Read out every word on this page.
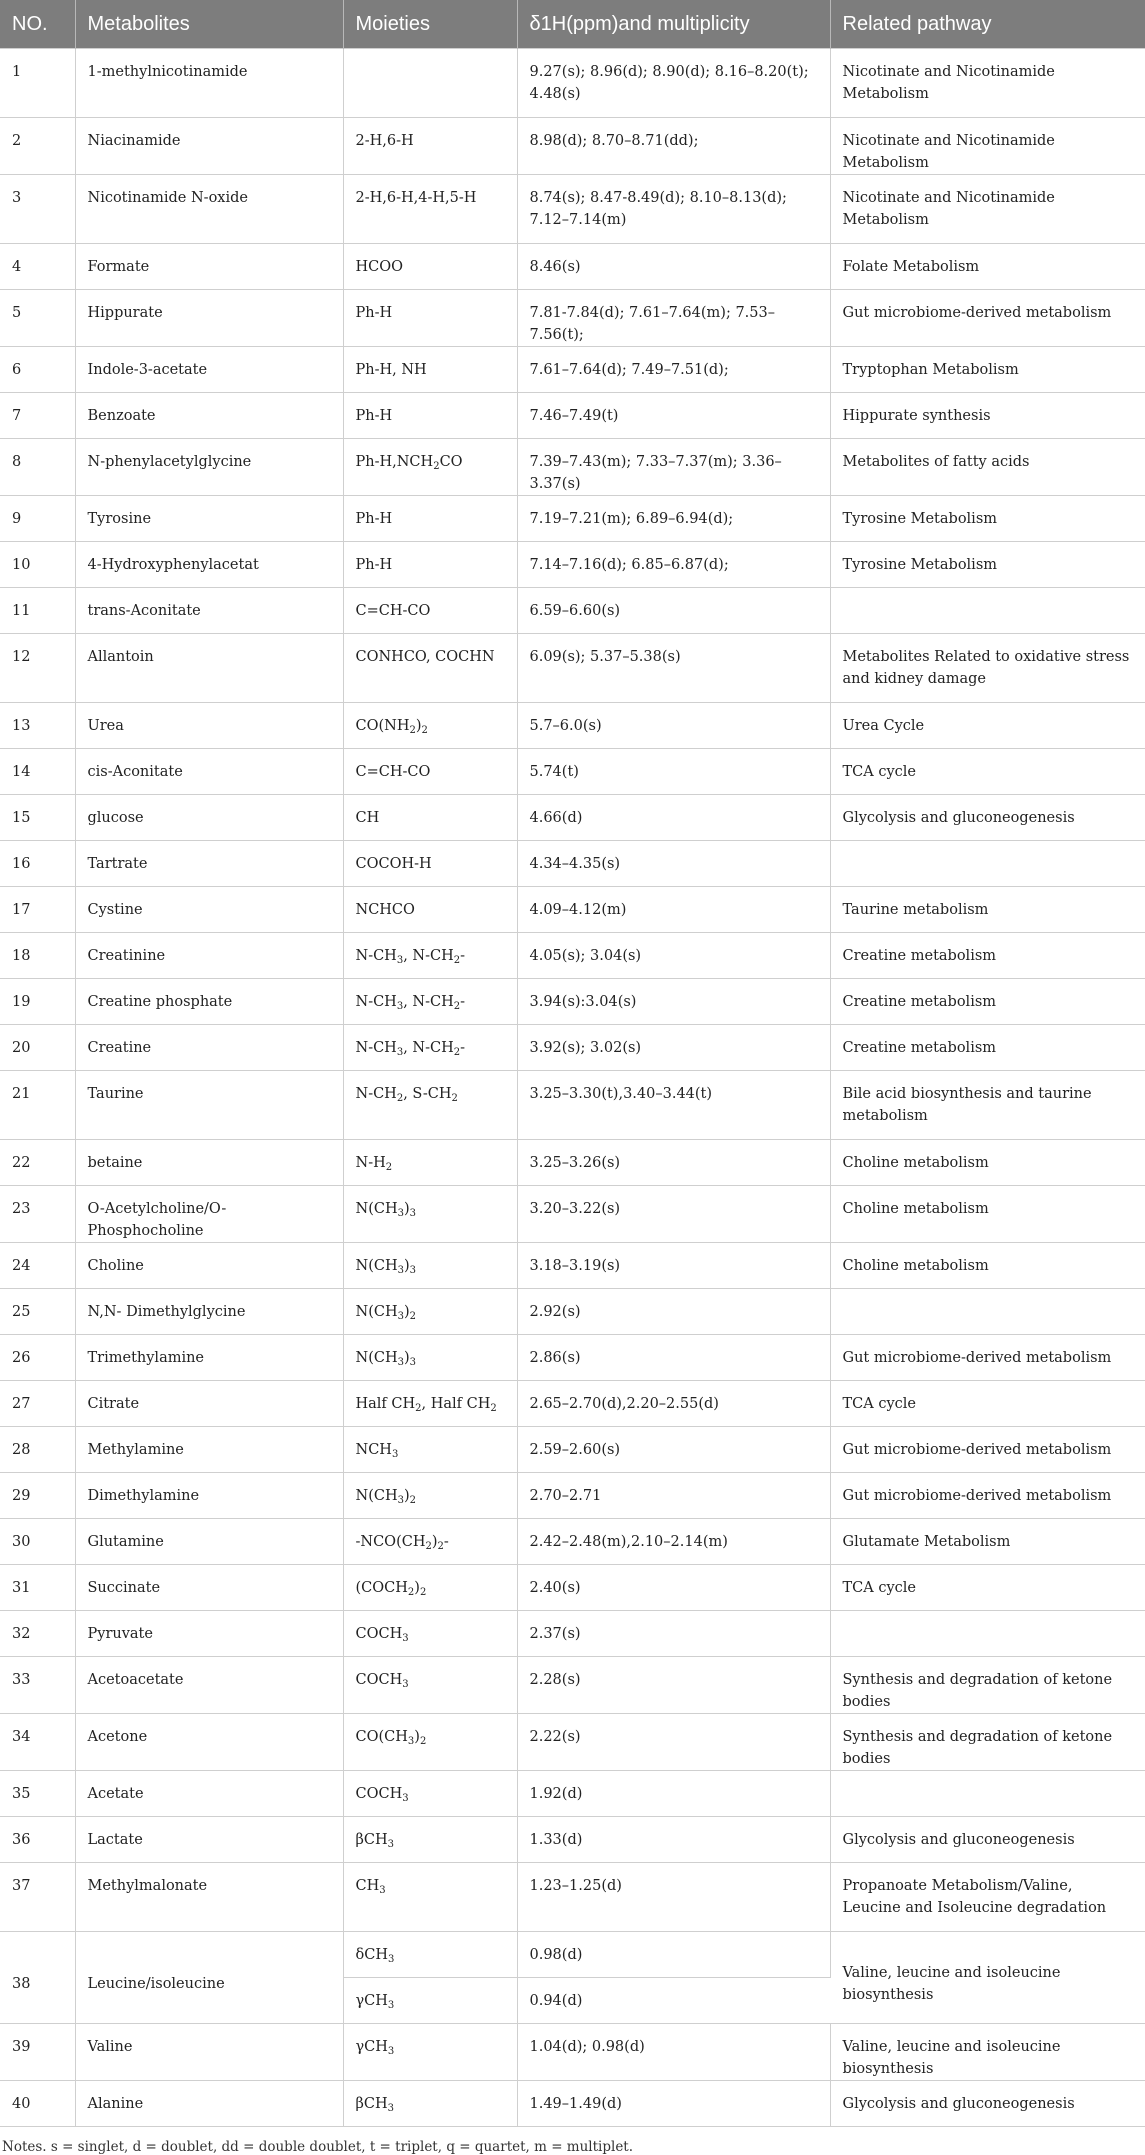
NO.	Metabolites	Moieties	δ1H(ppm)and multiplicity	Related pathway
1	1-methylnicotinamide		9.27(s); 8.96(d); 8.90(d); 8.16–8.20(t); 4.48(s)	Nicotinate and Nicotinamide Metabolism
2	Niacinamide	2-H,6-H	8.98(d); 8.70–8.71(dd);	Nicotinate and Nicotinamide Metabolism
3	Nicotinamide N-oxide	2-H,6-H,4-H,5-H	8.74(s); 8.47-8.49(d); 8.10–8.13(d); 7.12–7.14(m)	Nicotinate and Nicotinamide Metabolism
4	Formate	HCOO	8.46(s)	Folate Metabolism
5	Hippurate	Ph-H	7.81-7.84(d); 7.61–7.64(m); 7.53–7.56(t);	Gut microbiome-derived metabolism
6	Indole-3-acetate	Ph-H, NH	7.61–7.64(d); 7.49–7.51(d);	Tryptophan Metabolism
7	Benzoate	Ph-H	7.46–7.49(t)	Hippurate synthesis
8	N-phenylacetylglycine	$Ph-H,NCH_2CO$	7.39–7.43(m); 7.33–7.37(m); 3.36–3.37(s)	Metabolites of fatty acids
9	Tyrosine	Ph-H	7.19–7.21(m); 6.89–6.94(d);	Tyrosine Metabolism
10	4-Hydroxyphenylacetat	Ph-H	7.14–7.16(d); 6.85–6.87(d);	Tyrosine Metabolism
11	trans-Aconitate	C=CH-CO	6.59–6.60(s)	
12	Allantoin	CONHCO, COCHN	6.09(s); 5.37–5.38(s)	Metabolites Related to oxidative stress and kidney damage
13	Urea	$CO(NH_2)_2$	5.7–6.0(s)	Urea Cycle
14	cis-Aconitate	C=CH-CO	5.74(t)	TCA cycle
15	glucose	CH	4.66(d)	Glycolysis and gluconeogenesis
16	Tartrate	COCOH-H	4.34–4.35(s)	
17	Cystine	NCHCO	4.09–4.12(m)	Taurine metabolism
18	Creatinine	$N-CH_3$, $N-CH_2-$	4.05(s); 3.04(s)	Creatine metabolism
19	Creatine phosphate	$N-CH_3$, $N-CH_2-$	3.94(s):3.04(s)	Creatine metabolism
20	Creatine	$N-CH_3$, $N-CH_2-$	3.92(s); 3.02(s)	Creatine metabolism
21	Taurine	$N-CH_2$, $S-CH_2$	3.25–3.30(t),3.40–3.44(t)	Bile acid biosynthesis and taurine metabolism
22	betaine	$N-H_2$	3.25–3.26(s)	Choline metabolism
23	O-Acetylcholine/O-Phosphocholine	$N(CH_3)_3$	3.20–3.22(s)	Choline metabolism
24	Choline	$N(CH_3)_3$	3.18–3.19(s)	Choline metabolism
25	N,N- Dimethylglycine	$N(CH_3)_2$	2.92(s)	
26	Trimethylamine	$N(CH_3)_3$	2.86(s)	Gut microbiome-derived metabolism
27	Citrate	Half $CH_2$, Half $CH_2$	2.65–2.70(d),2.20–2.55(d)	TCA cycle
28	Methylamine	$NCH_3$	2.59–2.60(s)	Gut microbiome-derived metabolism
29	Dimethylamine	$N(CH_3)_2$	2.70–2.71	Gut microbiome-derived metabolism
30	Glutamine	$-NCO(CH_2)_2-$	2.42–2.48(m),2.10–2.14(m)	Glutamate Metabolism
31	Succinate	$(COCH_2)_2$	2.40(s)	TCA cycle
32	Pyruvate	$COCH_3$	2.37(s)	
33	Acetoacetate	$COCH_3$	2.28(s)	Synthesis and degradation of ketone bodies
34	Acetone	$CO(CH_3)_2$	2.22(s)	Synthesis and degradation of ketone bodies
35	Acetate	$COCH_3$	1.92(d)	
36	Lactate	βCH$_3$	1.33(d)	Glycolysis and gluconeogenesis
37	Methylmalonate	$CH_3$	1.23–1.25(d)	Propanoate Metabolism/Valine, Leucine and Isoleucine degradation
38	Leucine/isoleucine	δCH$_3$	0.98(d)	Valine, leucine and isoleucine biosynthesis
		γCH$_3$	0.94(d)	
39	Valine	γCH$_3$	1.04(d); 0.98(d)	Valine, leucine and isoleucine biosynthesis
40	Alanine	βCH$_3$	1.49–1.49(d)	Glycolysis and gluconeogenesis
Notes. s = singlet, d = doublet, dd = double doublet, t = triplet, q = quartet, m = multiplet.
